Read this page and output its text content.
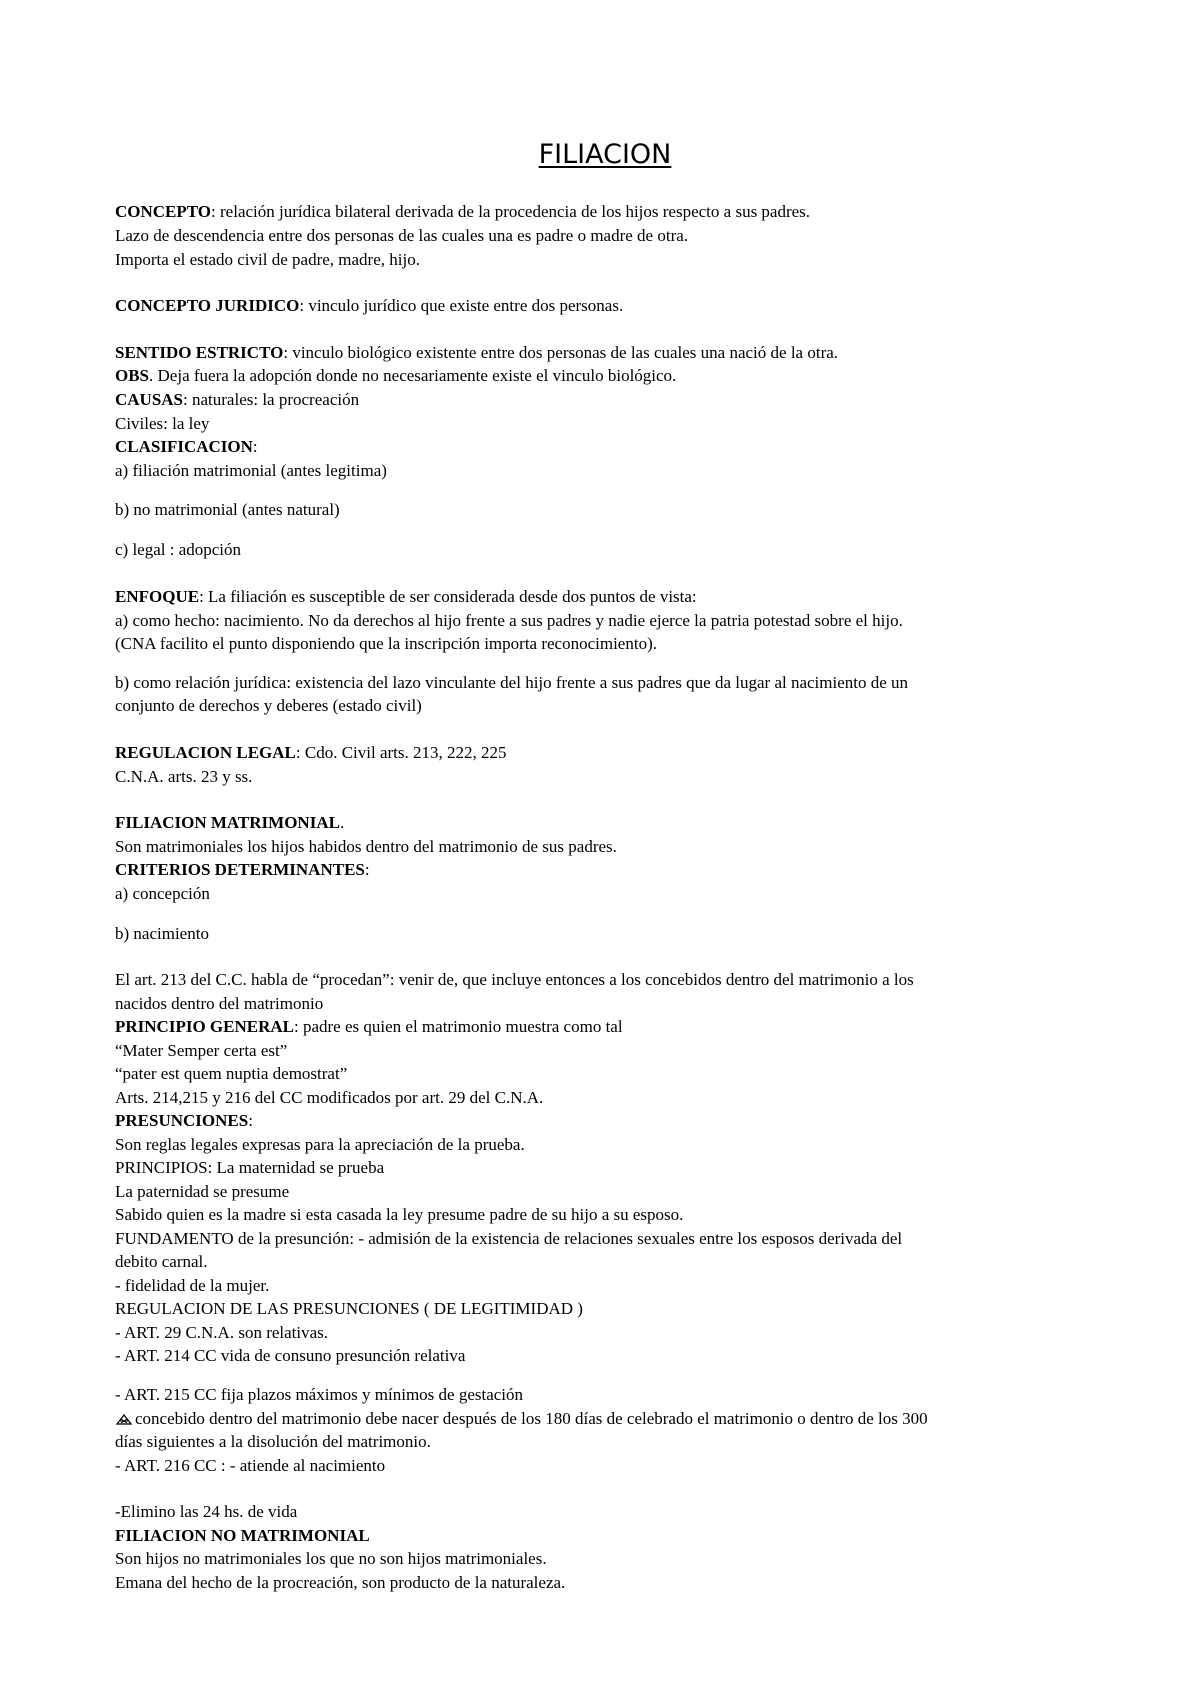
FILIACION
CONCEPTO: relación jurídica bilateral derivada de la procedencia de los hijos respecto a sus padres.
Lazo de descendencia entre dos personas de las cuales una es padre o madre de otra.
Importa el estado civil de padre, madre, hijo.
CONCEPTO JURIDICO: vinculo jurídico que existe entre dos personas.
SENTIDO ESTRICTO: vinculo biológico existente entre dos personas de las cuales una nació de la otra.
OBS. Deja fuera la adopción donde no necesariamente existe el vinculo biológico.
CAUSAS: naturales: la procreación
Civiles: la ley
CLASIFICACION:
a) filiación matrimonial (antes legitima)
b) no matrimonial (antes natural)
c) legal : adopción
ENFOQUE: La filiación es susceptible de ser considerada desde dos puntos de vista:
a) como hecho: nacimiento. No da derechos al hijo frente a sus padres y nadie ejerce la patria potestad sobre el hijo.
(CNA facilito el punto disponiendo que la inscripción importa reconocimiento).
b) como relación jurídica: existencia del lazo vinculante del hijo frente a sus padres que da lugar al nacimiento de un
conjunto de derechos y deberes (estado civil)
REGULACION LEGAL: Cdo. Civil arts. 213, 222, 225
C.N.A. arts. 23 y ss.
FILIACION MATRIMONIAL.
Son matrimoniales los hijos habidos dentro del matrimonio de sus padres.
CRITERIOS DETERMINANTES:
a) concepción
b) nacimiento
El art. 213 del C.C. habla de “procedan”: venir de, que incluye entonces a los concebidos dentro del matrimonio a los
nacidos dentro del matrimonio
PRINCIPIO GENERAL: padre es quien el matrimonio muestra como tal
“Mater Semper certa est”
“pater est quem nuptia demostrat”
Arts. 214,215 y 216 del CC modificados por art. 29 del C.N.A.
PRESUNCIONES:
Son reglas legales expresas para la apreciación de la prueba.
PRINCIPIOS: La maternidad se prueba
La paternidad se presume
Sabido quien es la madre si esta casada la ley presume padre de su hijo a su esposo.
FUNDAMENTO de la presunción: - admisión de la existencia de relaciones sexuales entre los esposos derivada del
debito carnal.
- fidelidad de la mujer.
REGULACION DE LAS PRESUNCIONES ( DE LEGITIMIDAD )
- ART. 29 C.N.A. son relativas.
- ART. 214 CC vida de consuno presunción relativa
- ART. 215 CC fija plazos máximos y mínimos de gestación
concebido dentro del matrimonio debe nacer después de los 180 días de celebrado el matrimonio o dentro de los 300
días siguientes a la disolución del matrimonio.
- ART. 216 CC : - atiende al nacimiento
-Elimino las 24 hs. de vida
FILIACION NO MATRIMONIAL
Son hijos no matrimoniales los que no son hijos matrimoniales.
Emana del hecho de la procreación, son producto de la naturaleza.
